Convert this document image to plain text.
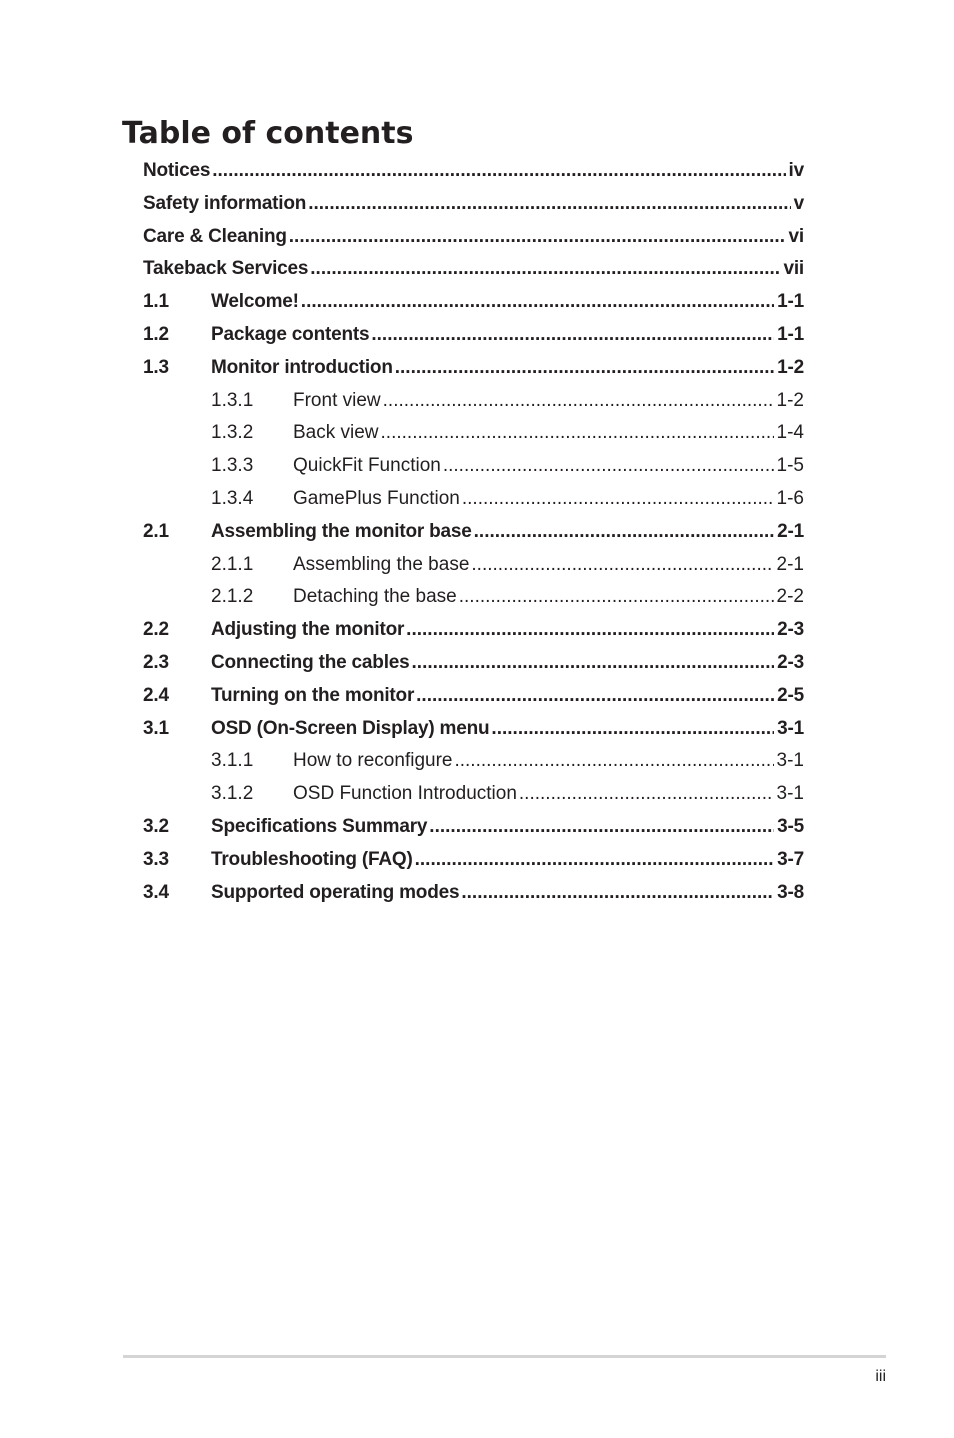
Table of contents
Notices .....	iv
Safety information .....	v
Care & Cleaning .....	vi
Takeback Services .....	vii
1.1	Welcome! .....	1-1
1.2	Package contents .....	1-1
1.3	Monitor introduction .....	1-2
1.3.1	Front view .....	1-2
1.3.2	Back view .....	1-4
1.3.3	QuickFit Function .....	1-5
1.3.4	GamePlus Function .....	1-6
2.1	Assembling the monitor base .....	2-1
2.1.1	Assembling the base .....	2-1
2.1.2	Detaching the base .....	2-2
2.2	Adjusting the monitor .....	2-3
2.3	Connecting the cables .....	2-3
2.4	Turning on the monitor .....	2-5
3.1	OSD (On-Screen Display) menu .....	3-1
3.1.1	How to reconfigure .....	3-1
3.1.2	OSD Function Introduction .....	3-1
3.2	Specifications Summary .....	3-5
3.3	Troubleshooting (FAQ) .....	3-7
3.4	Supported operating modes .....	3-8
iii
